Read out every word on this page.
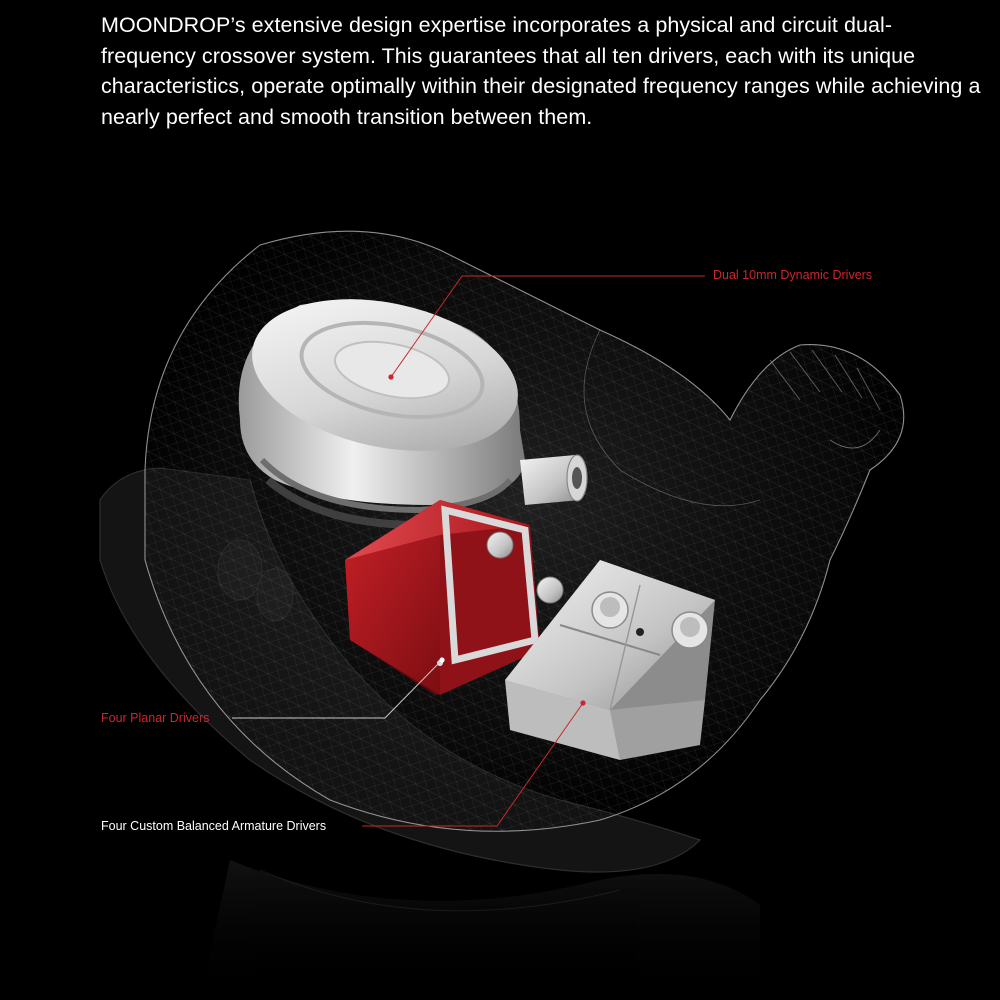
MOONDROP’s extensive design expertise incorporates a physical and circuit dual-frequency crossover system. This guarantees that all ten drivers, each with its unique characteristics, operate optimally within their designated frequency ranges while achieving a nearly perfect and smooth transition between them.

Dual 10mm Dynamic Drivers
Four Planar Drivers
Four Custom Balanced Armature Drivers
